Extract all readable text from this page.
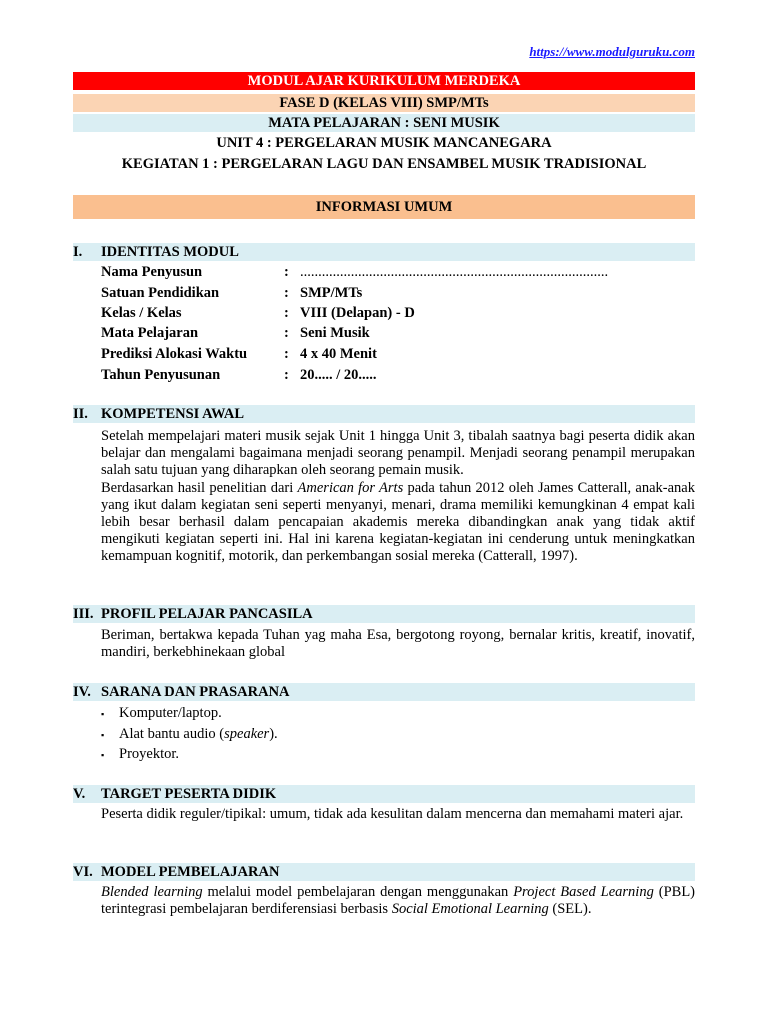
https://www.modulguruku.com
MODUL AJAR KURIKULUM MERDEKA
FASE D (KELAS VIII) SMP/MTs
MATA PELAJARAN : SENI MUSIK
UNIT 4 : PERGELARAN MUSIK MANCANEGARA
KEGIATAN 1 : PERGELARAN LAGU DAN ENSAMBEL MUSIK TRADISIONAL
INFORMASI UMUM
I. IDENTITAS MODUL
Nama Penyusun	: .....................................................................................
Satuan Pendidikan	: SMP/MTs
Kelas / Kelas	: VIII (Delapan) - D
Mata Pelajaran	: Seni Musik
Prediksi Alokasi Waktu	: 4 x 40 Menit
Tahun Penyusunan	: 20..... / 20.....
II. KOMPETENSI AWAL
Setelah mempelajari materi musik sejak Unit 1 hingga Unit 3, tibalah saatnya bagi peserta didik akan belajar dan mengalami bagaimana menjadi seorang penampil. Menjadi seorang penampil merupakan salah satu tujuan yang diharapkan oleh seorang pemain musik.
Berdasarkan hasil penelitian dari American for Arts pada tahun 2012 oleh James Catterall, anak-anak yang ikut dalam kegiatan seni seperti menyanyi, menari, drama memiliki kemungkinan 4 empat kali lebih besar berhasil dalam pencapaian akademis mereka dibandingkan anak yang tidak aktif mengikuti kegiatan seperti ini. Hal ini karena kegiatan-kegiatan ini cenderung untuk meningkatkan kemampuan kognitif, motorik, dan perkembangan sosial mereka (Catterall, 1997).
III. PROFIL PELAJAR PANCASILA
Beriman, bertakwa kepada Tuhan yag maha Esa, bergotong royong, bernalar kritis, kreatif, inovatif, mandiri, berkebhinekaan global
IV. SARANA DAN PRASARANA
▪ Komputer/laptop.
▪ Alat bantu audio (speaker).
▪ Proyektor.
V. TARGET PESERTA DIDIK
Peserta didik reguler/tipikal: umum, tidak ada kesulitan dalam mencerna dan memahami materi ajar.
VI. MODEL PEMBELAJARAN
Blended learning melalui model pembelajaran dengan menggunakan Project Based Learning (PBL) terintegrasi pembelajaran berdiferensiasi berbasis Social Emotional Learning (SEL).
